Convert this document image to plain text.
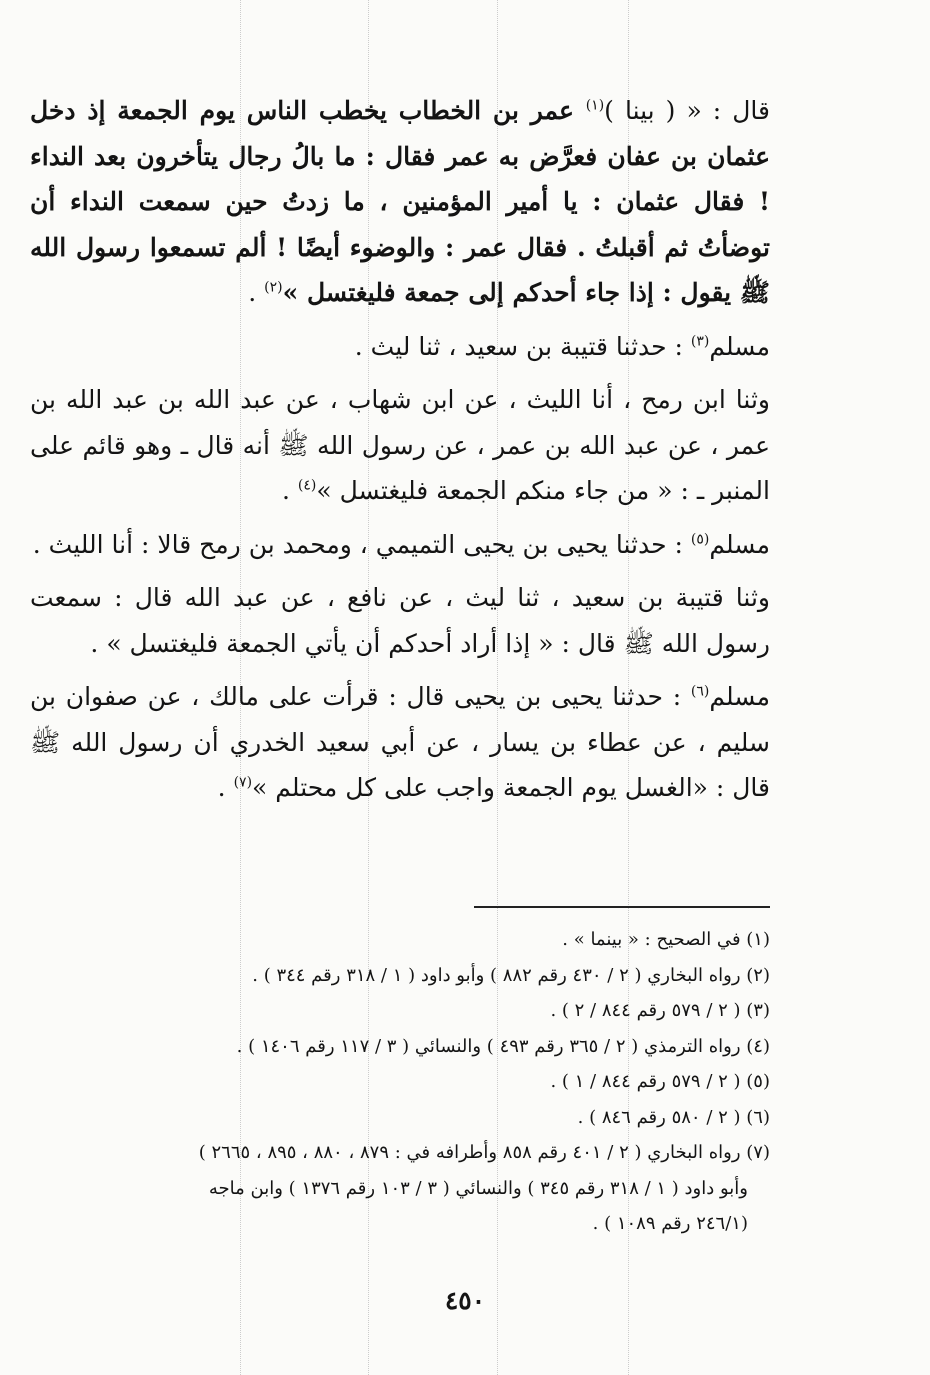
قال : « ( بينا )$^{(١)}$ عمر بن الخطاب يخطب الناس يوم الجمعة إذ دخل عثمان بن عفان فعرَّض به عمر فقال : ما بالُ رجال يتأخرون بعد النداء ! فقال عثمان : يا أمير المؤمنين ، ما زدتُ حين سمعت النداء أن توضأتُ ثم أقبلتُ . فقال عمر : والوضوء أيضًا ! ألم تسمعوا رسول الله ﷺ يقول : إذا جاء أحدكم إلى جمعة فليغتسل »$^{(٢)}$ .

مسلم$^{(٣)}$ : حدثنا قتيبة بن سعيد ، ثنا ليث .

وثنا ابن رمح ، أنا الليث ، عن ابن شهاب ، عن عبد الله بن عبد الله بن عمر ، عن عبد الله بن عمر ، عن رسول الله ﷺ أنه قال ـ وهو قائم على المنبر ـ : « من جاء منكم الجمعة فليغتسل »$^{(٤)}$ .

مسلم$^{(٥)}$ : حدثنا يحيى بن يحيى التميمي ، ومحمد بن رمح قالا : أنا الليث .

وثنا قتيبة بن سعيد ، ثنا ليث ، عن نافع ، عن عبد الله قال : سمعت رسول الله ﷺ قال : « إذا أراد أحدكم أن يأتي الجمعة فليغتسل » .

مسلم$^{(٦)}$ : حدثنا يحيى بن يحيى قال : قرأت على مالك ، عن صفوان بن سليم ، عن عطاء بن يسار ، عن أبي سعيد الخدري أن رسول الله ﷺ قال : «الغسل يوم الجمعة واجب على كل محتلم »$^{(٧)}$ .

(١) في الصحيح : « بينما » .
(٢) رواه البخاري ( ٢ / ٤٣٠ رقم ٨٨٢ ) وأبو داود ( ١ / ٣١٨ رقم ٣٤٤ ) .
(٣) ( ٢ / ٥٧٩ رقم ٨٤٤ / ٢ ) .
(٤) رواه الترمذي ( ٢ / ٣٦٥ رقم ٤٩٣ ) والنسائي ( ٣ / ١١٧ رقم ١٤٠٦ ) .
(٥) ( ٢ / ٥٧٩ رقم ٨٤٤ / ١ ) .
(٦) ( ٢ / ٥٨٠ رقم ٨٤٦ ) .
(٧) رواه البخاري ( ٢ / ٤٠١ رقم ٨٥٨ وأطرافه في : ٨٧٩ ، ٨٨٠ ، ٨٩٥ ، ٢٦٦٥ )
وأبو داود ( ١ / ٣١٨ رقم ٣٤٥ ) والنسائي ( ٣ / ١٠٣ رقم ١٣٧٦ ) وابن ماجه
(٢٤٦/١ رقم ١٠٨٩ ) .
٤٥٠
